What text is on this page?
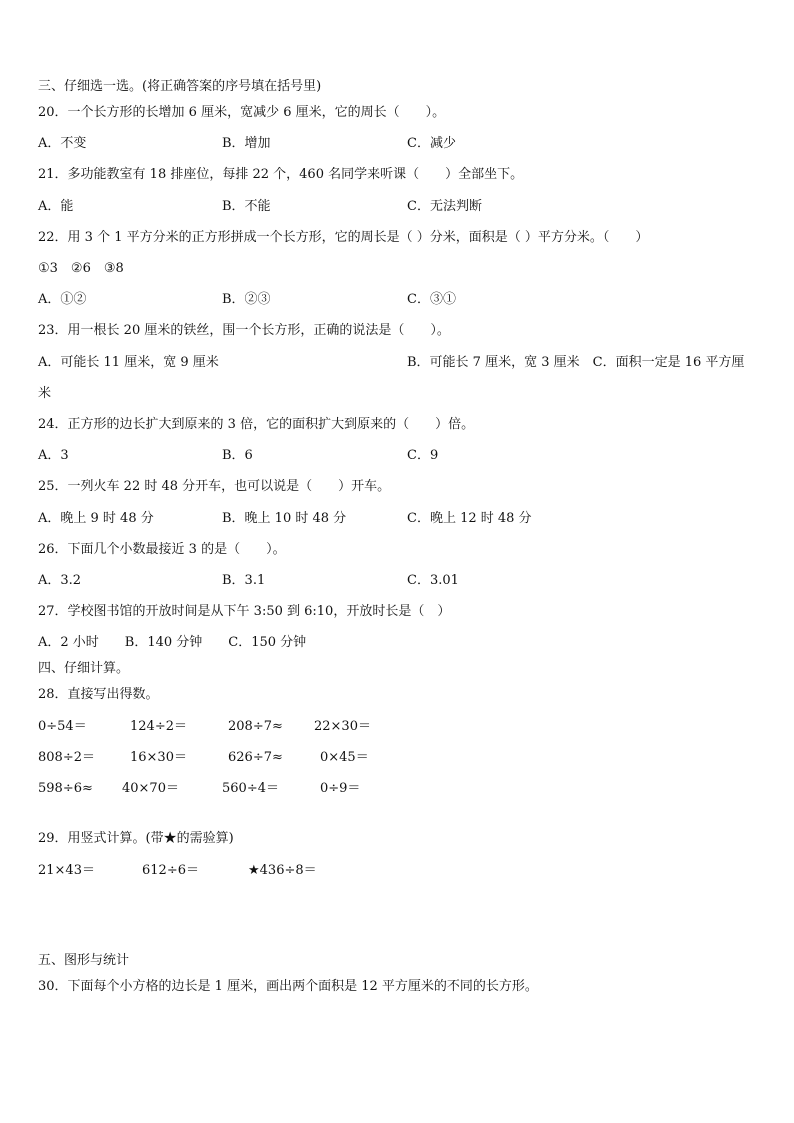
三、仔细选一选。(将正确答案的序号填在括号里)
20．一个长方形的长增加 6 厘米，宽减少 6 厘米，它的周长（　　）。
A．不变	B．增加	C．减少
21．多功能教室有 18 排座位，每排 22 个，460 名同学来听课（　　）全部坐下。
A．能	B．不能	C．无法判断
22．用 3 个 1 平方分米的正方形拼成一个长方形，它的周长是（ ）分米，面积是（ ）平方分米。（　　）
①3　②6　③8
A．①②	B．②③	C．③①
23．用一根长 20 厘米的铁丝，围一个长方形，正确的说法是（　　）。
A．可能长 11 厘米，宽 9 厘米	B．可能长 7 厘米，宽 3 厘米　C．面积一定是 16 平方厘
米
24．正方形的边长扩大到原来的 3 倍，它的面积扩大到原来的（　　）倍。
A．3	B．6	C．9
25．一列火车 22 时 48 分开车，也可以说是（　　）开车。
A．晚上 9 时 48 分	B．晚上 10 时 48 分	C．晚上 12 时 48 分
26．下面几个小数最接近 3 的是（　　）。
A．3.2	B．3.1	C．3.01
27．学校图书馆的开放时间是从下午 3:50 到 6:10，开放时长是（　）
A．2 小时　　B．140 分钟　　C．150 分钟
四、仔细计算。
28．直接写出得数。
0÷54＝	124÷2＝	208÷7≈ 22×30＝
808÷2＝	16×30＝	626÷7≈	0×45＝
598÷6≈ 40×70＝	560÷4＝	0÷9＝
29．用竖式计算。(带★的需验算)
21×43＝	612÷6＝	★436÷8＝
五、图形与统计
30．下面每个小方格的边长是 1 厘米，画出两个面积是 12 平方厘米的不同的长方形。
